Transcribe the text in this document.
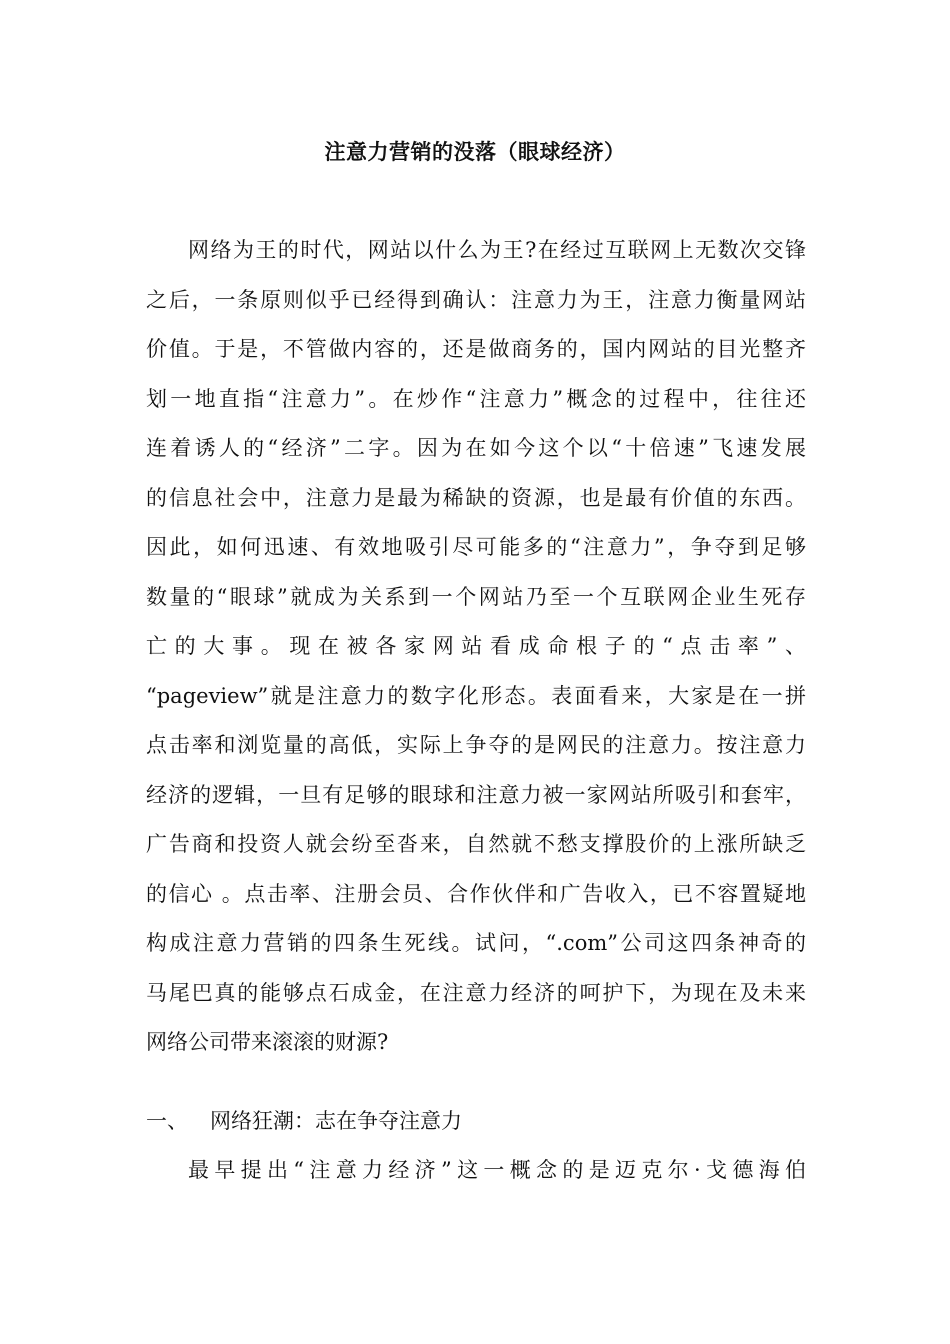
注意力营销的没落（眼球经济）
网络为王的时代，网站以什么为王?在经过互联网上无数次交锋
之后，一条原则似乎已经得到确认：注意力为王，注意力衡量网站
价值。于是，不管做内容的，还是做商务的，国内网站的目光整齐
划一地直指“注意力”。在炒作“注意力”概念的过程中，往往还
连着诱人的“经济”二字。因为在如今这个以“十倍速”飞速发展
的信息社会中，注意力是最为稀缺的资源，也是最有价值的东西。
因此，如何迅速、有效地吸引尽可能多的“注意力”，争夺到足够
数量的“眼球”就成为关系到一个网站乃至一个互联网企业生死存
亡的大事。现在被各家网站看成命根子的“点击率”、
“pageview”就是注意力的数字化形态。表面看来，大家是在一拼
点击率和浏览量的高低，实际上争夺的是网民的注意力。按注意力
经济的逻辑，一旦有足够的眼球和注意力被一家网站所吸引和套牢，
广告商和投资人就会纷至沓来，自然就不愁支撑股价的上涨所缺乏
的信心 。点击率、注册会员、合作伙伴和广告收入，已不容置疑地
构成注意力营销的四条生死线。试问，“.com”公司这四条神奇的
马尾巴真的能够点石成金，在注意力经济的呵护下，为现在及未来
网络公司带来滚滚的财源?
一、 网络狂潮：志在争夺注意力
最早提出“注意力经济”这一概念的是迈克尔·戈德海伯
